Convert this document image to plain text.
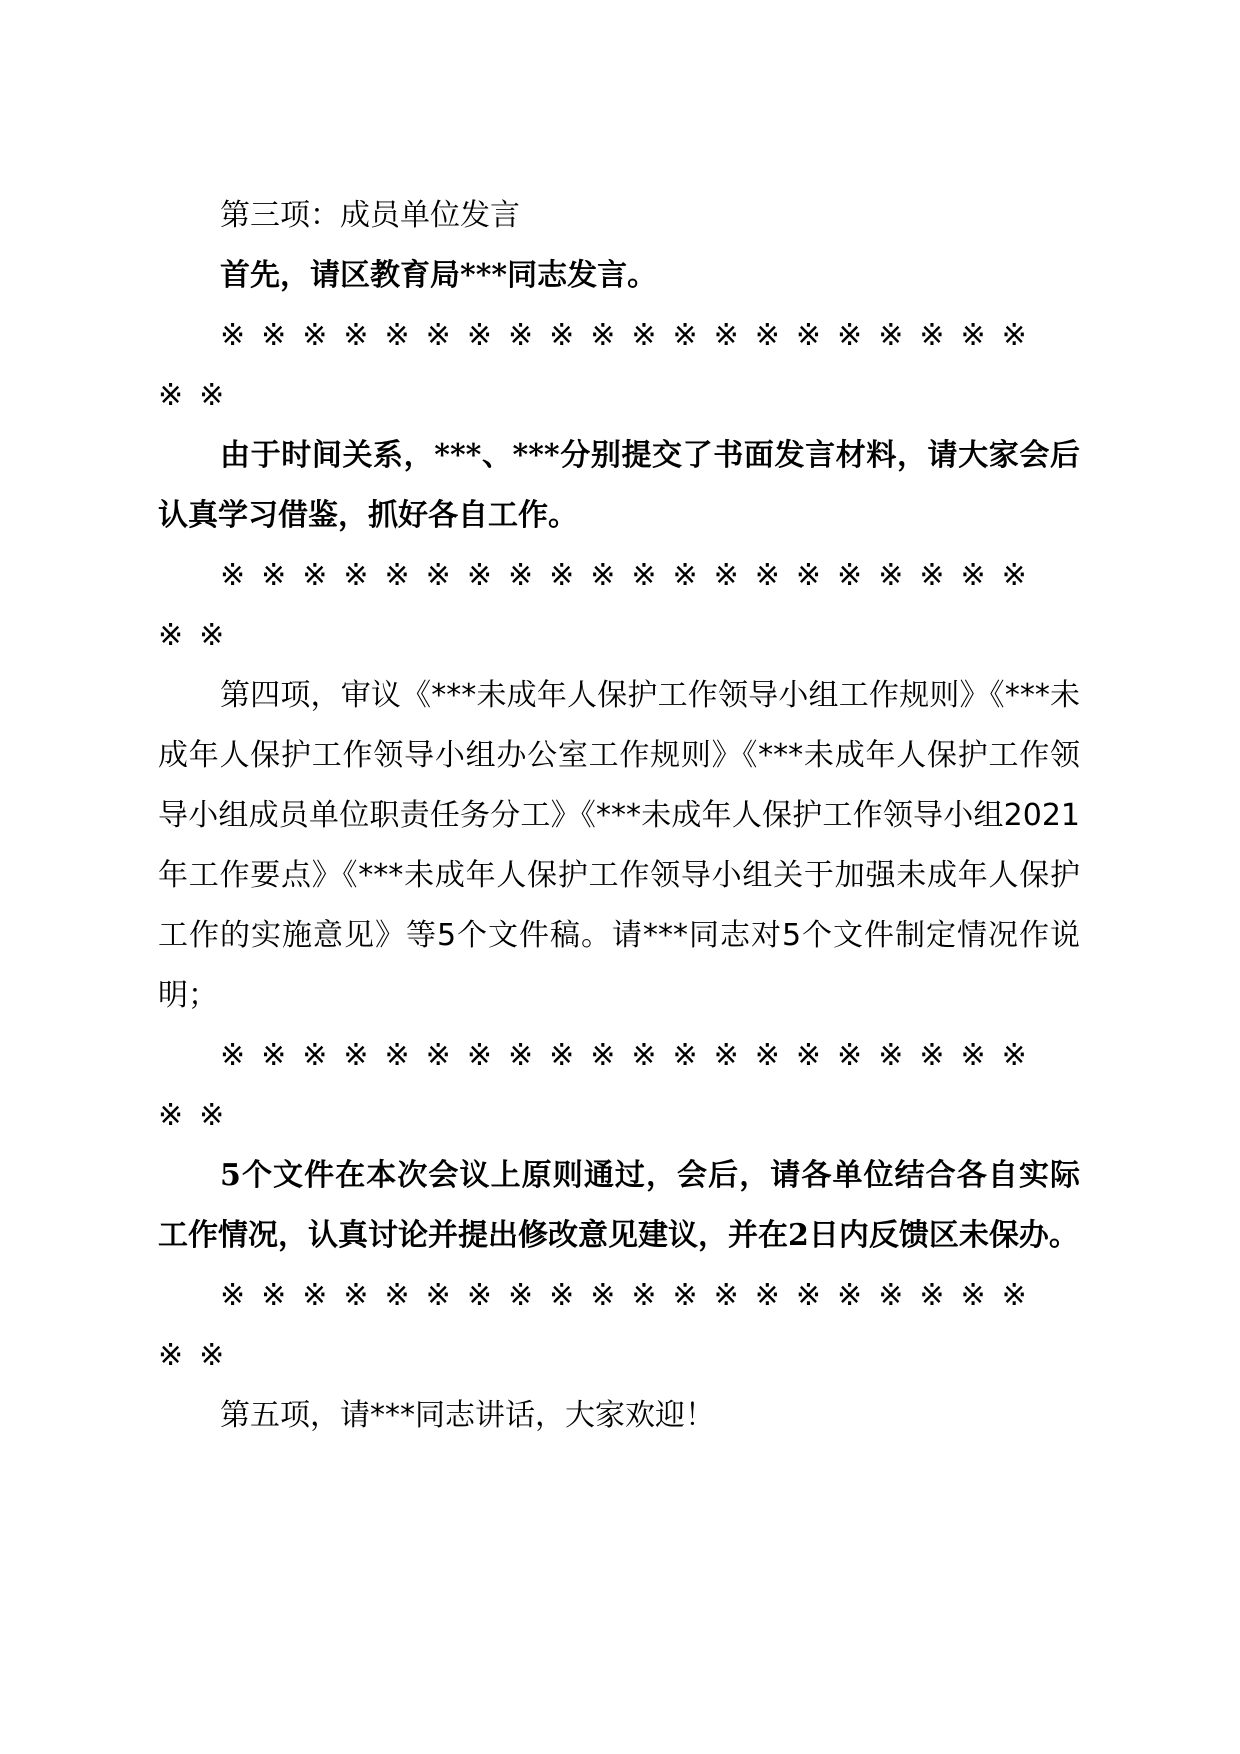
第三项：成员单位发言

首先，请区教育局***同志发言。

※※※※※※※※※※※※※※※※※※※※※※

由于时间关系，***、***分别提交了书面发言材料，请大家会后认真学习借鉴，抓好各自工作。

※※※※※※※※※※※※※※※※※※※※※※

第四项，审议《***未成年人保护工作领导小组工作规则》《***未成年人保护工作领导小组办公室工作规则》《***未成年人保护工作领导小组成员单位职责任务分工》《***未成年人保护工作领导小组2021年工作要点》《***未成年人保护工作领导小组关于加强未成年人保护工作的实施意见》等5个文件稿。请***同志对5个文件制定情况作说明；

※※※※※※※※※※※※※※※※※※※※※※

5个文件在本次会议上原则通过，会后，请各单位结合各自实际工作情况，认真讨论并提出修改意见建议，并在2日内反馈区未保办。

※※※※※※※※※※※※※※※※※※※※※※

第五项，请***同志讲话，大家欢迎！
